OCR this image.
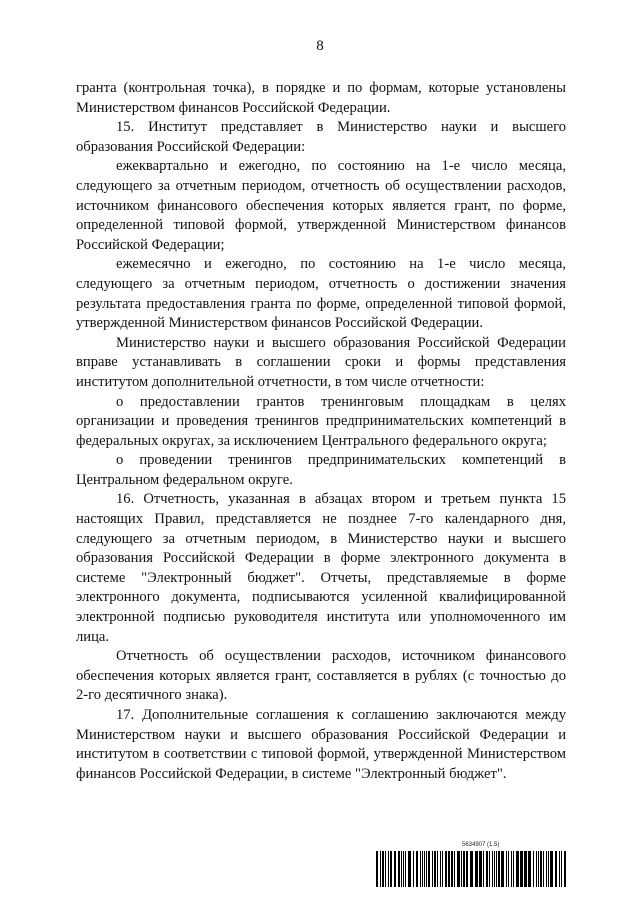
8

гранта (контрольная точка), в порядке и по формам, которые установлены Министерством финансов Российской Федерации.

15. Институт представляет в Министерство науки и высшего образования Российской Федерации:

ежеквартально и ежегодно, по состоянию на 1-е число месяца, следующего за отчетным периодом, отчетность об осуществлении расходов, источником финансового обеспечения которых является грант, по форме, определенной типовой формой, утвержденной Министерством финансов Российской Федерации;

ежемесячно и ежегодно, по состоянию на 1-е число месяца, следующего за отчетным периодом, отчетность о достижении значения результата предоставления гранта по форме, определенной типовой формой, утвержденной Министерством финансов Российской Федерации.

Министерство науки и высшего образования Российской Федерации вправе устанавливать в соглашении сроки и формы представления институтом дополнительной отчетности, в том числе отчетности:

о предоставлении грантов тренинговым площадкам в целях организации и проведения тренингов предпринимательских компетенций в федеральных округах, за исключением Центрального федерального округа;

о проведении тренингов предпринимательских компетенций в Центральном федеральном округе.

16. Отчетность, указанная в абзацах втором и третьем пункта 15 настоящих Правил, представляется не позднее 7-го календарного дня, следующего за отчетным периодом, в Министерство науки и высшего образования Российской Федерации в форме электронного документа в системе "Электронный бюджет". Отчеты, представляемые в форме электронного документа, подписываются усиленной квалифицированной электронной подписью руководителя института или уполномоченного им лица.

Отчетность об осуществлении расходов, источником финансового обеспечения которых является грант, составляется в рублях (с точностью до 2-го десятичного знака).

17. Дополнительные соглашения к соглашению заключаются между Министерством науки и высшего образования Российской Федерации и институтом в соответствии с типовой формой, утвержденной Министерством финансов Российской Федерации, в системе "Электронный бюджет".

5634907 (1.5)
